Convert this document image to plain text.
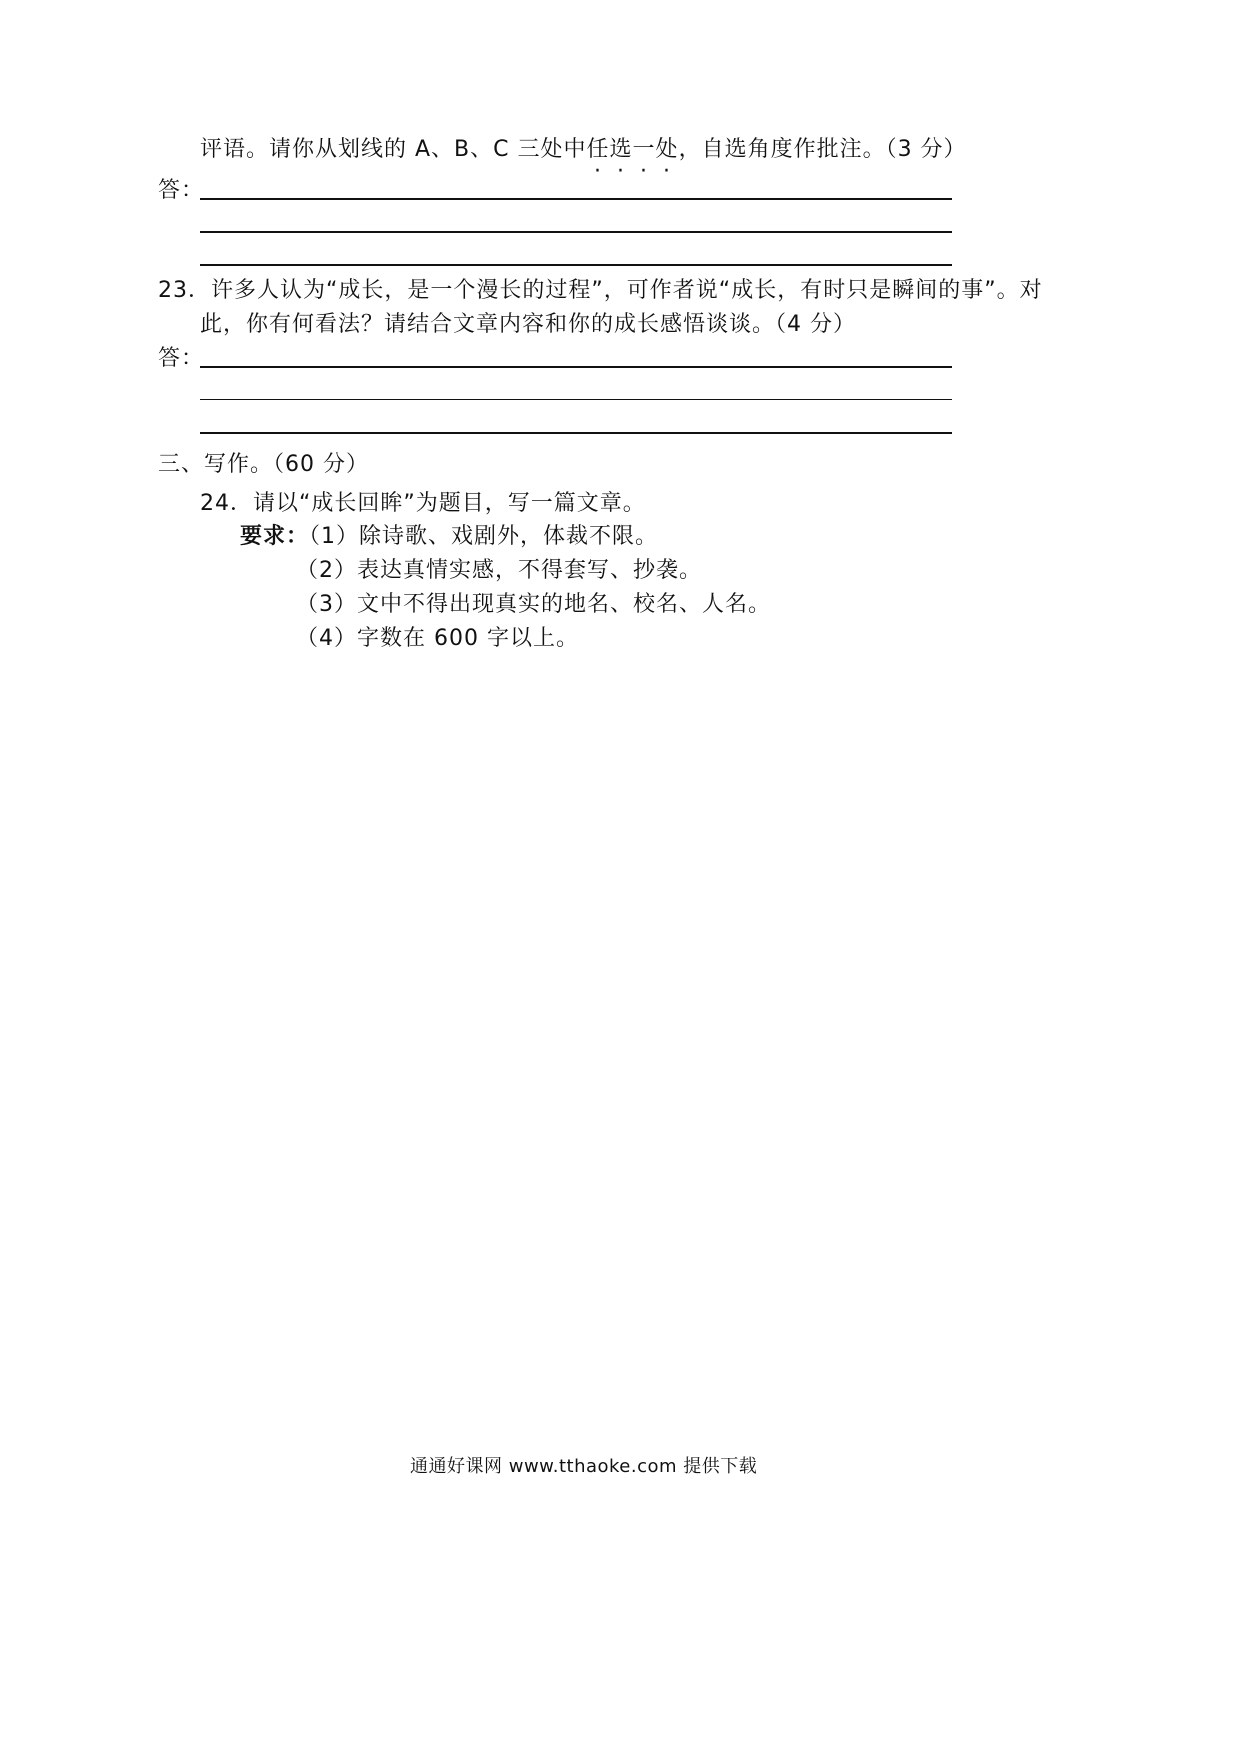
评语。请你从划线的 A、B、C 三处中任选一处，自选角度作批注。（3 分）
答：
23．许多人认为“成长，是一个漫长的过程”，可作者说“成长，有时只是瞬间的事”。对
此，你有何看法？请结合文章内容和你的成长感悟谈谈。（4 分）
答：
三、写作。（60 分）
24．请以“成长回眸”为题目，写一篇文章。
要求：（1）除诗歌、戏剧外，体裁不限。
（2）表达真情实感，不得套写、抄袭。
（3）文中不得出现真实的地名、校名、人名。
（4）字数在 600 字以上。
通通好课网 www.tthaoke.com 提供下载
